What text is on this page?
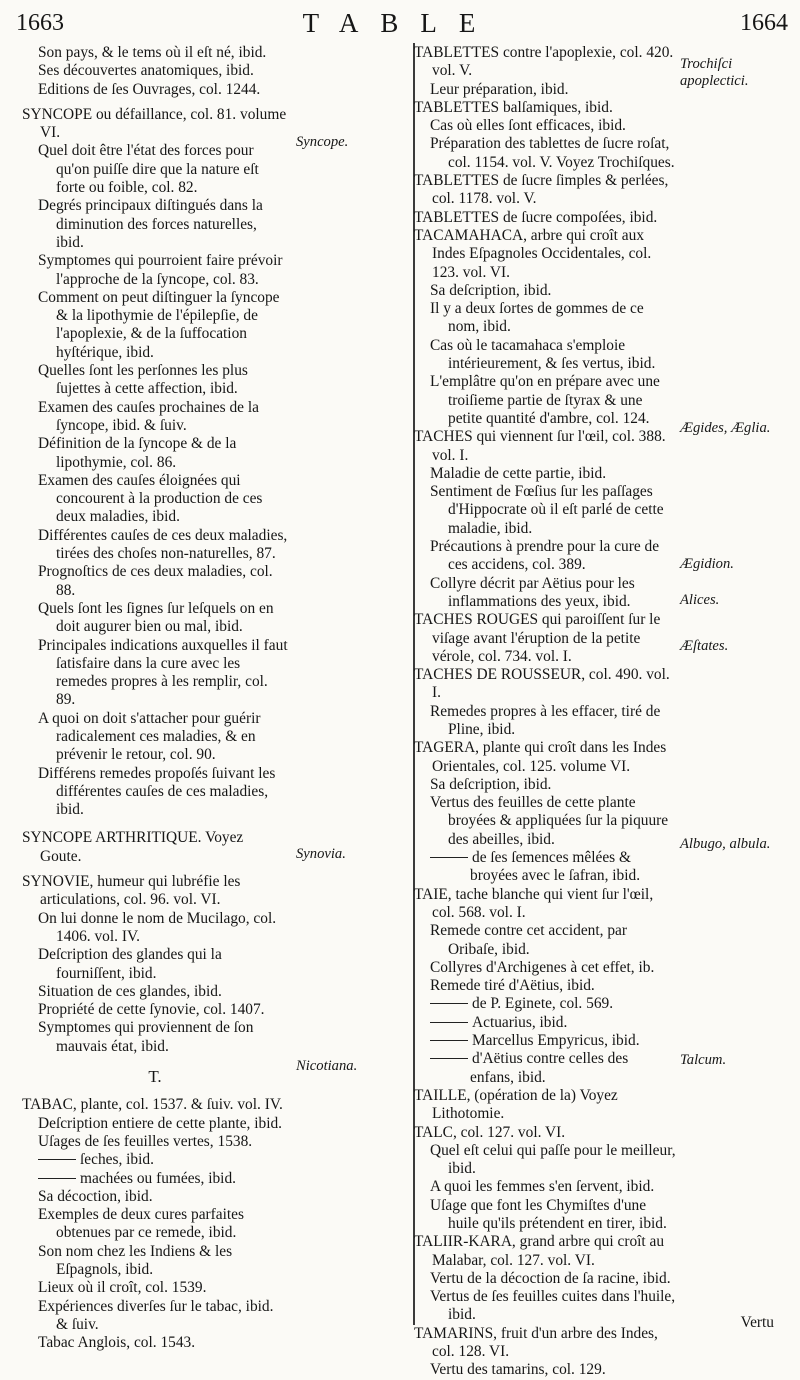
1663	TABLE	1664
Son pays, & le tems où il eſt né, ibid.
Ses découvertes anatomiques, ibid.
Editions de ſes Ouvrages, col. 1244.
SYNCOPE ou défaillance, col. 81. volume VI.
Quel doit être l'état des forces pour qu'on puiſſe dire que la nature eſt forte ou foible, col. 82.
Degrés principaux diſtingués dans la diminution des forces naturelles, ibid.
Symptomes qui pourroient faire prévoir l'approche de la ſyncope, col. 83.
Comment on peut diſtinguer la ſyncope & la lipothymie de l'épilepſie, de l'apoplexie, & de la ſuffocation hyſtérique, ibid.
Quelles ſont les perſonnes les plus ſujettes à cette affection, ibid.
Examen des cauſes prochaines de la ſyncope, ibid. & ſuiv.
Définition de la ſyncope & de la lipothymie, col. 86.
Examen des cauſes éloignées qui concourent à la production de ces deux maladies, ibid.
Différentes cauſes de ces deux maladies, tirées des choſes non-naturelles, 87.
Prognoſtics de ces deux maladies, col. 88.
Quels ſont les ſignes ſur leſquels on en doit augurer bien ou mal, ibid.
Principales indications auxquelles il faut ſatisfaire dans la cure avec les remedes propres à les remplir, col. 89.
A quoi on doit s'attacher pour guérir radicalement ces maladies, & en prévenir le retour, col. 90.
Différens remedes propoſés ſuivant les différentes cauſes de ces maladies, ibid.
SYNCOPE ARTHRITIQUE. Voyez Goute.
SYNOVIE, humeur qui lubréfie les articulations, col. 96. vol. VI.
On lui donne le nom de Mucilago, col. 1406. vol. IV.
Deſcription des glandes qui la fourniſſent, ibid.
Situation de ces glandes, ibid.
Propriété de cette ſynovie, col. 1407.
Symptomes qui proviennent de ſon mauvais état, ibid.
T.
TABAC, plante, col. 1537. & ſuiv. vol. IV.
Deſcription entiere de cette plante, ibid.
Uſages de ſes feuilles vertes, 1538.
ſeches, ibid.
machées ou fumées, ibid.
Sa décoction, ibid.
Exemples de deux cures parfaites obtenues par ce remede, ibid.
Son nom chez les Indiens & les Eſpagnols, ibid.
Lieux où il croît, col. 1539.
Expériences diverſes ſur le tabac, ibid. & ſuiv.
Tabac Anglois, col. 1543.
TABLETTES contre l'apoplexie, col. 420. vol. V.
Leur préparation, ibid.
TABLETTES balſamiques, ibid.
Cas où elles ſont efficaces, ibid.
Préparation des tablettes de ſucre roſat, col. 1154. vol. V. Voyez Trochiſques.
TABLETTES de ſucre ſimples & perlées, col. 1178. vol. V.
TABLETTES de ſucre compoſées, ibid.
TACAMAHACA, arbre qui croît aux Indes Eſpagnoles Occidentales, col. 123. vol. VI.
Sa deſcription, ibid.
Il y a deux ſortes de gommes de ce nom, ibid.
Cas où le tacamahaca s'emploie intérieurement, & ſes vertus, ibid.
L'emplâtre qu'on en prépare avec une troiſieme partie de ſtyrax & une petite quantité d'ambre, col. 124.
TACHES qui viennent ſur l'œil, col. 388. vol. I.
Maladie de cette partie, ibid.
Sentiment de Fœſius ſur les paſſages d'Hippocrate où il eſt parlé de cette maladie, ibid.
Précautions à prendre pour la cure de ces accidens, col. 389.
Collyre décrit par Aëtius pour les inflammations des yeux, ibid.
TACHES ROUGES qui paroiſſent ſur le viſage avant l'éruption de la petite vérole, col. 734. vol. I.
TACHES DE ROUSSEUR, col. 490. vol. I.
Remedes propres à les effacer, tiré de Pline, ibid.
TAGERA, plante qui croît dans les Indes Orientales, col. 125. volume VI.
Sa deſcription, ibid.
Vertus des feuilles de cette plante broyées & appliquées ſur la piquure des abeilles, ibid.
de ſes ſemences mêlées & broyées avec le ſafran, ibid.
TAIE, tache blanche qui vient ſur l'œil, col. 568. vol. I.
Remede contre cet accident, par Oribaſe, ibid.
Collyres d'Archigenes à cet effet, ib.
Remede tiré d'Aëtius, ibid.
de P. Eginete, col. 569.
Actuarius, ibid.
Marcellus Empyricus, ibid.
d'Aëtius contre celles des enfans, ibid.
TAILLE, (opération de la) Voyez Lithotomie.
TALC, col. 127. vol. VI.
Quel eſt celui qui paſſe pour le meilleur, ibid.
A quoi les femmes s'en ſervent, ibid.
Uſage que font les Chymiſtes d'une huile qu'ils prétendent en tirer, ibid.
TALIIR-KARA, grand arbre qui croît au Malabar, col. 127. vol. VI.
Vertu de la décoction de ſa racine, ibid.
Vertus de ſes feuilles cuites dans l'huile, ibid.
TAMARINS, fruit d'un arbre des Indes, col. 128. VI.
Vertu des tamarins, col. 129.
Syncope.
Synovia.
Nicotiana.
Trochiſci apoplectici.
Ægides, Æglia.
Ægidion.
Alices.
Æſtates.
Albugo, albula.
Talcum.
Vertu
